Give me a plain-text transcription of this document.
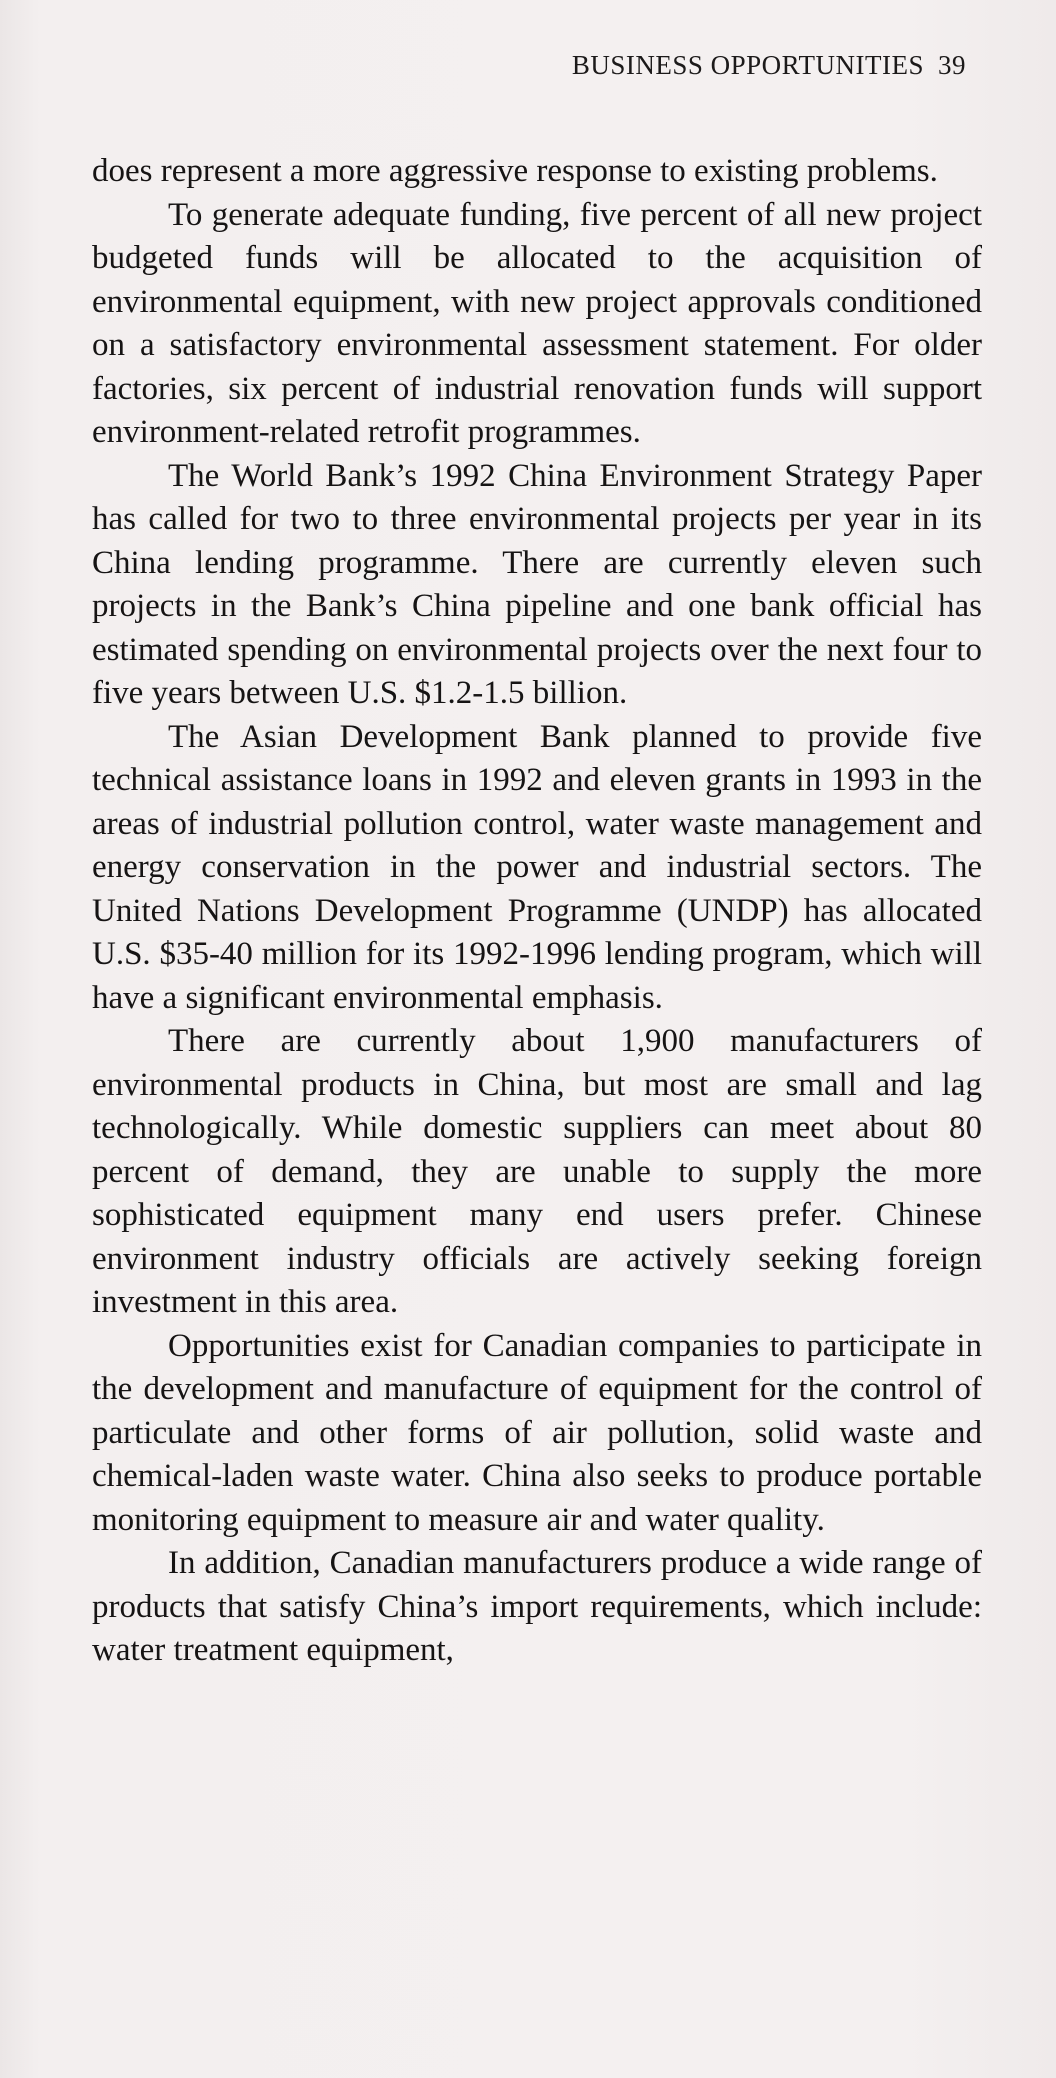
BUSINESS OPPORTUNITIES 39

does represent a more aggressive response to existing problems.

To generate adequate funding, five percent of all new project budgeted funds will be allocated to the acquisition of environmental equipment, with new project approvals conditioned on a satisfactory environmental assessment statement. For older factories, six percent of industrial renovation funds will support environment-related retrofit programmes.

The World Bank’s 1992 China Environment Strategy Paper has called for two to three environmental projects per year in its China lending programme. There are currently eleven such projects in the Bank’s China pipeline and one bank official has estimated spending on environmental projects over the next four to five years between U.S. $1.2-1.5 billion.

The Asian Development Bank planned to provide five technical assistance loans in 1992 and eleven grants in 1993 in the areas of industrial pollution control, water waste management and energy conservation in the power and industrial sectors. The United Nations Development Programme (UNDP) has allocated U.S. $35-40 million for its 1992-1996 lending program, which will have a significant environmental emphasis.

There are currently about 1,900 manufacturers of environmental products in China, but most are small and lag technologically. While domestic suppliers can meet about 80 percent of demand, they are unable to supply the more sophisticated equipment many end users prefer. Chinese environment industry officials are actively seeking foreign investment in this area.

Opportunities exist for Canadian companies to participate in the development and manufacture of equipment for the control of particulate and other forms of air pollution, solid waste and chemical-laden waste water. China also seeks to produce portable monitoring equipment to measure air and water quality.

In addition, Canadian manufacturers produce a wide range of products that satisfy China’s import requirements, which include: water treatment equipment,
